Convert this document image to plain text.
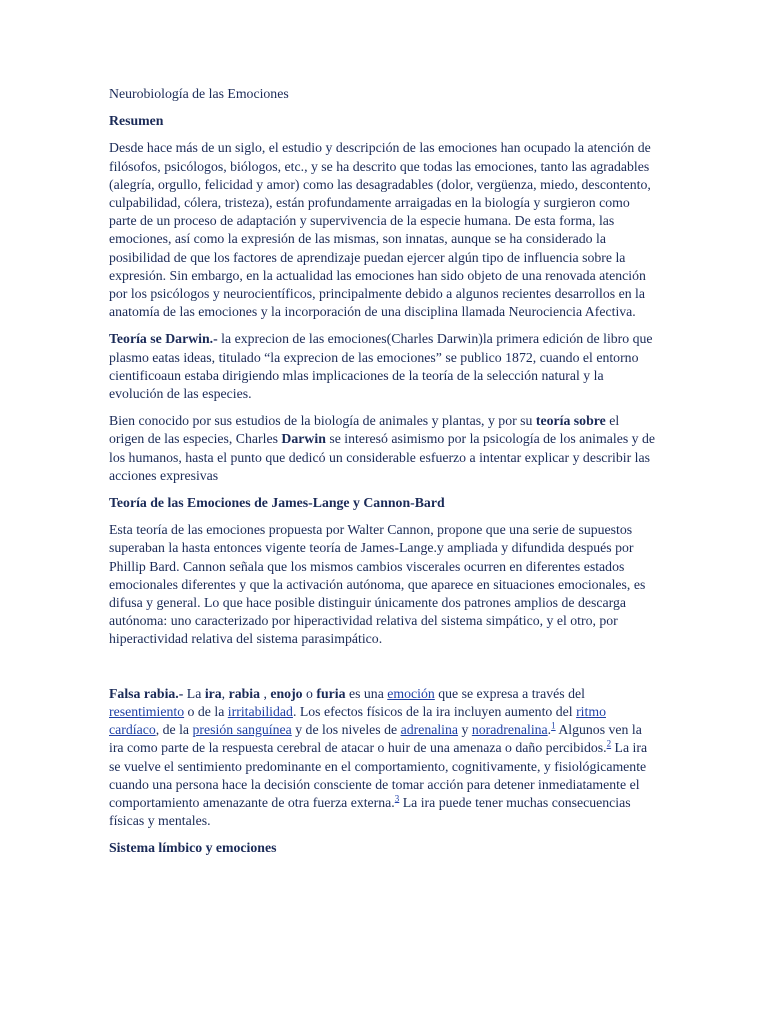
Neurobiología de las Emociones

Resumen

Desde hace más de un siglo, el estudio y descripción de las emociones han ocupado la atención de filósofos, psicólogos, biólogos, etc., y se ha descrito que todas las emociones, tanto las agradables (alegría, orgullo, felicidad y amor) como las desagradables (dolor, vergüenza, miedo, descontento, culpabilidad, cólera, tristeza), están profundamente arraigadas en la biología y surgieron como parte de un proceso de adaptación y supervivencia de la especie humana. De esta forma, las emociones, así como la expresión de las mismas, son innatas, aunque se ha considerado la posibilidad de que los factores de aprendizaje puedan ejercer algún tipo de influencia sobre la expresión. Sin embargo, en la actualidad las emociones han sido objeto de una renovada atención por los psicólogos y neurocientíficos, principalmente debido a algunos recientes desarrollos en la anatomía de las emociones y la incorporación de una disciplina llamada Neurociencia Afectiva.

Teoría se Darwin.- la exprecion de las emociones(Charles Darwin)la primera edición de libro que plasmo eatas ideas, titulado “la exprecion de las emociones” se publico 1872, cuando el entorno cientificoaun estaba dirigiendo mlas implicaciones de la teoría de la selección natural y la evolución de las especies.

Bien conocido por sus estudios de la biología de animales y plantas, y por su teoría sobre el origen de las especies, Charles Darwin se interesó asimismo por la psicología de los animales y de los humanos, hasta el punto que dedicó un considerable esfuerzo a intentar explicar y describir las acciones expresivas

Teoría de las Emociones de James-Lange y Cannon-Bard

Esta teoría de las emociones propuesta por Walter Cannon, propone que una serie de supuestos superaban la hasta entonces vigente teoría de James-Lange.y ampliada y difundida después por Phillip Bard. Cannon señala que los mismos cambios viscerales ocurren en diferentes estados emocionales diferentes y que la activación autónoma, que aparece en situaciones emocionales, es difusa y general. Lo que hace posible distinguir únicamente dos patrones amplios de descarga autónoma: uno caracterizado por hiperactividad relativa del sistema simpático, y el otro, por hiperactividad relativa del sistema parasimpático.

Falsa rabia.- La ira, rabia , enojo o furia es una emoción que se expresa a través del resentimiento o de la irritabilidad. Los efectos físicos de la ira incluyen aumento del ritmo cardíaco, de la presión sanguínea y de los niveles de adrenalina y noradrenalina.$^1$ Algunos ven la ira como parte de la respuesta cerebral de atacar o huir de una amenaza o daño percibidos.$^2$ La ira se vuelve el sentimiento predominante en el comportamiento, cognitivamente, y fisiológicamente cuando una persona hace la decisión consciente de tomar acción para detener inmediatamente el comportamiento amenazante de otra fuerza externa.$^3$ La ira puede tener muchas consecuencias físicas y mentales.

Sistema límbico y emociones
